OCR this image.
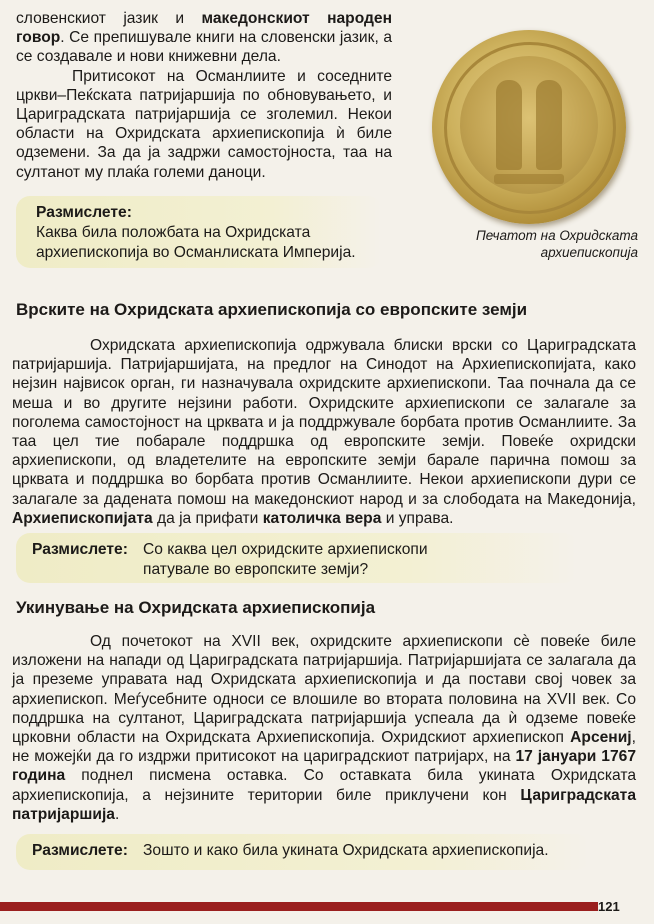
словенскиот јазик и македонскиот народен говор. Се препишувале книги на словенски јазик, а се создавале и нови книжевни дела.

Притисокот на Османлиите и соседните цркви–Пеќската патријаршија по обновувањето, и Цариградската патријаршија се зголемил. Некои области на Охридската архиепископија ѝ биле одземени. За да ја задржи самостојноста, таа на султанот му плаќа големи даноци.

Печатот на Охридската архиепископија

Размислете:
Каква била положбата на Охридската архиепископија во Османлиската Империја.
Врските на Охридската архиепископија со европските земји

Охридската архиепископија одржувала блиски врски со Цариградската патријаршија. Патријаршијата, на предлог на Синодот на Архиепископијата, како нејзин највисок орган, ги назначувала охридските архиепископи. Таа почнала да се меша и во другите нејзини работи. Охридските архиепископи се залагале за поголема самостојност на црквата и ја поддржувале борбата против Османлиите. За таа цел тие побарале поддршка од европските земји. Повеќе охридски архиепископи, од владетелите на европските земји барале парична помош за црквата и поддршка во борбата против Османлиите. Некои архиепископи дури се залагале за дадената помош на македонскиот народ и за слободата на Македонија, Архиепископијата да ја прифати католичка вера и управа.

Размислете: Со каква цел охридските архиепископи патувале во европските земји?
Укинување на Охридската архиепископија

Од почетокот на XVII век, охридските архиепископи сѐ повеќе биле изложени на напади од Цариградската патријаршија. Патријаршијата се залагала да ја преземе управата над Охридската архиепископија и да постави свој човек за архиепископ. Меѓусебните односи се влошиле во втората половина на XVII век. Со поддршка на султанот, Цариградската патријаршија успеала да ѝ одземе повеќе црковни области на Охридската Архиепископија. Охридскиот архиепископ Арсениј, не можејќи да го издржи притисокот на цариградскиот патријарх, на 17 јануари 1767 година поднел писмена оставка. Со оставката била укината Охридската архиепископија, а нејзините територии биле приклучени кон Цариградската патријаршија.

Размислете: Зошто и како била укината Охридската архиепископија.
121
